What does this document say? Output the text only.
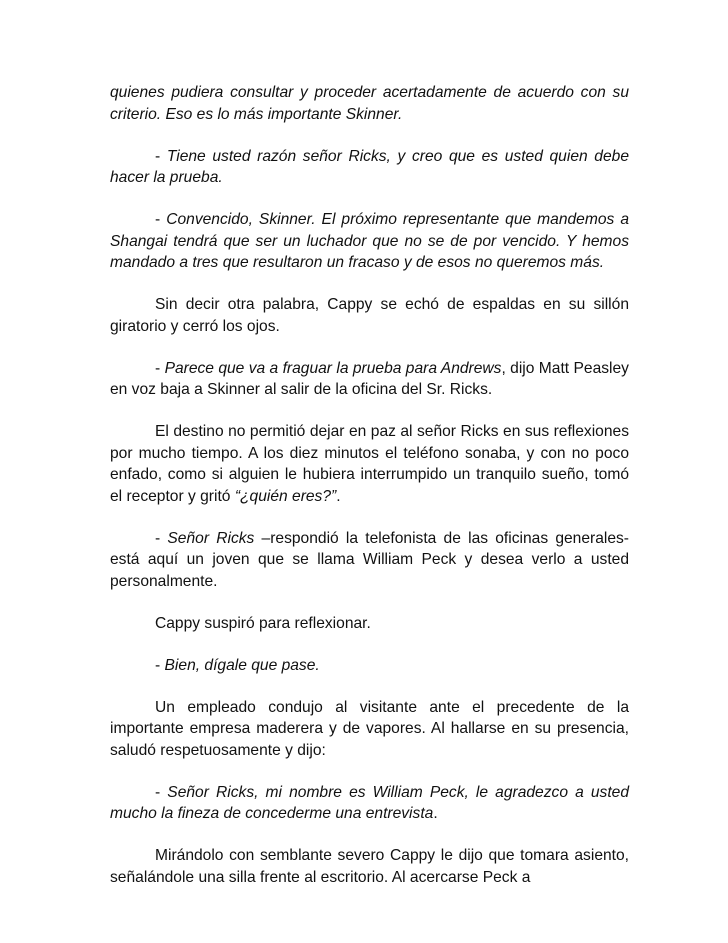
quienes pudiera consultar y proceder acertadamente de acuerdo con su criterio. Eso es lo más importante Skinner.

- Tiene usted razón señor Ricks, y creo que es usted quien debe hacer la prueba.

- Convencido, Skinner. El próximo representante que mandemos a Shangai tendrá que ser un luchador que no se de por vencido. Y hemos mandado a tres que resultaron un fracaso y de esos no queremos más.

Sin decir otra palabra, Cappy se echó de espaldas en su sillón giratorio y cerró los ojos.

- Parece que va a fraguar la prueba para Andrews, dijo Matt Peasley en voz baja a Skinner al salir de la oficina del Sr. Ricks.

El destino no permitió dejar en paz al señor Ricks en sus reflexiones por mucho tiempo. A los diez minutos el teléfono sonaba, y con no poco enfado, como si alguien le hubiera interrumpido un tranquilo sueño, tomó el receptor y gritó “¿quién eres?”.

- Señor Ricks –respondió la telefonista de las oficinas generales- está aquí un joven que se llama William Peck y desea verlo a usted personalmente.

Cappy suspiró para reflexionar.

- Bien, dígale que pase.

Un empleado condujo al visitante ante el precedente de la importante empresa maderera y de vapores. Al hallarse en su presencia, saludó respetuosamente y dijo:

- Señor Ricks, mi nombre es William Peck, le agradezco a usted mucho la fineza de concederme una entrevista.

Mirándolo con semblante severo Cappy le dijo que tomara asiento, señalándole una silla frente al escritorio. Al acercarse Peck a
